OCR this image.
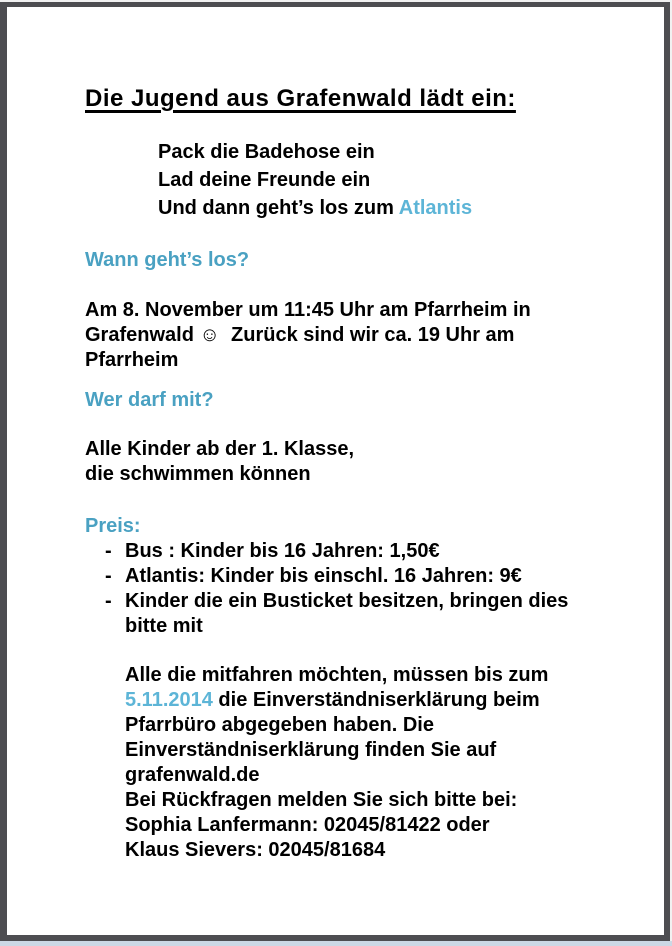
Die Jugend aus Grafenwald lädt ein:
Pack die Badehose ein
Lad deine Freunde ein
Und dann geht’s los zum Atlantis
Wann geht’s los?

Am 8. November um 11:45 Uhr am Pfarrheim in
Grafenwald ☺  Zurück sind wir ca. 19 Uhr am
Pfarrheim

Wer darf mit?

Alle Kinder ab der 1. Klasse,
die schwimmen können

Preis:
- Bus : Kinder bis 16 Jahren: 1,50€
- Atlantis: Kinder bis einschl. 16 Jahren: 9€
- Kinder die ein Busticket besitzen, bringen dies
bitte mit
Alle die mitfahren möchten, müssen bis zum
5.11.2014 die Einverständniserklärung beim
Pfarrbüro abgegeben haben. Die
Einverständniserklärung finden Sie auf
grafenwald.de
Bei Rückfragen melden Sie sich bitte bei:
Sophia Lanfermann: 02045/81422 oder
Klaus Sievers: 02045/81684
